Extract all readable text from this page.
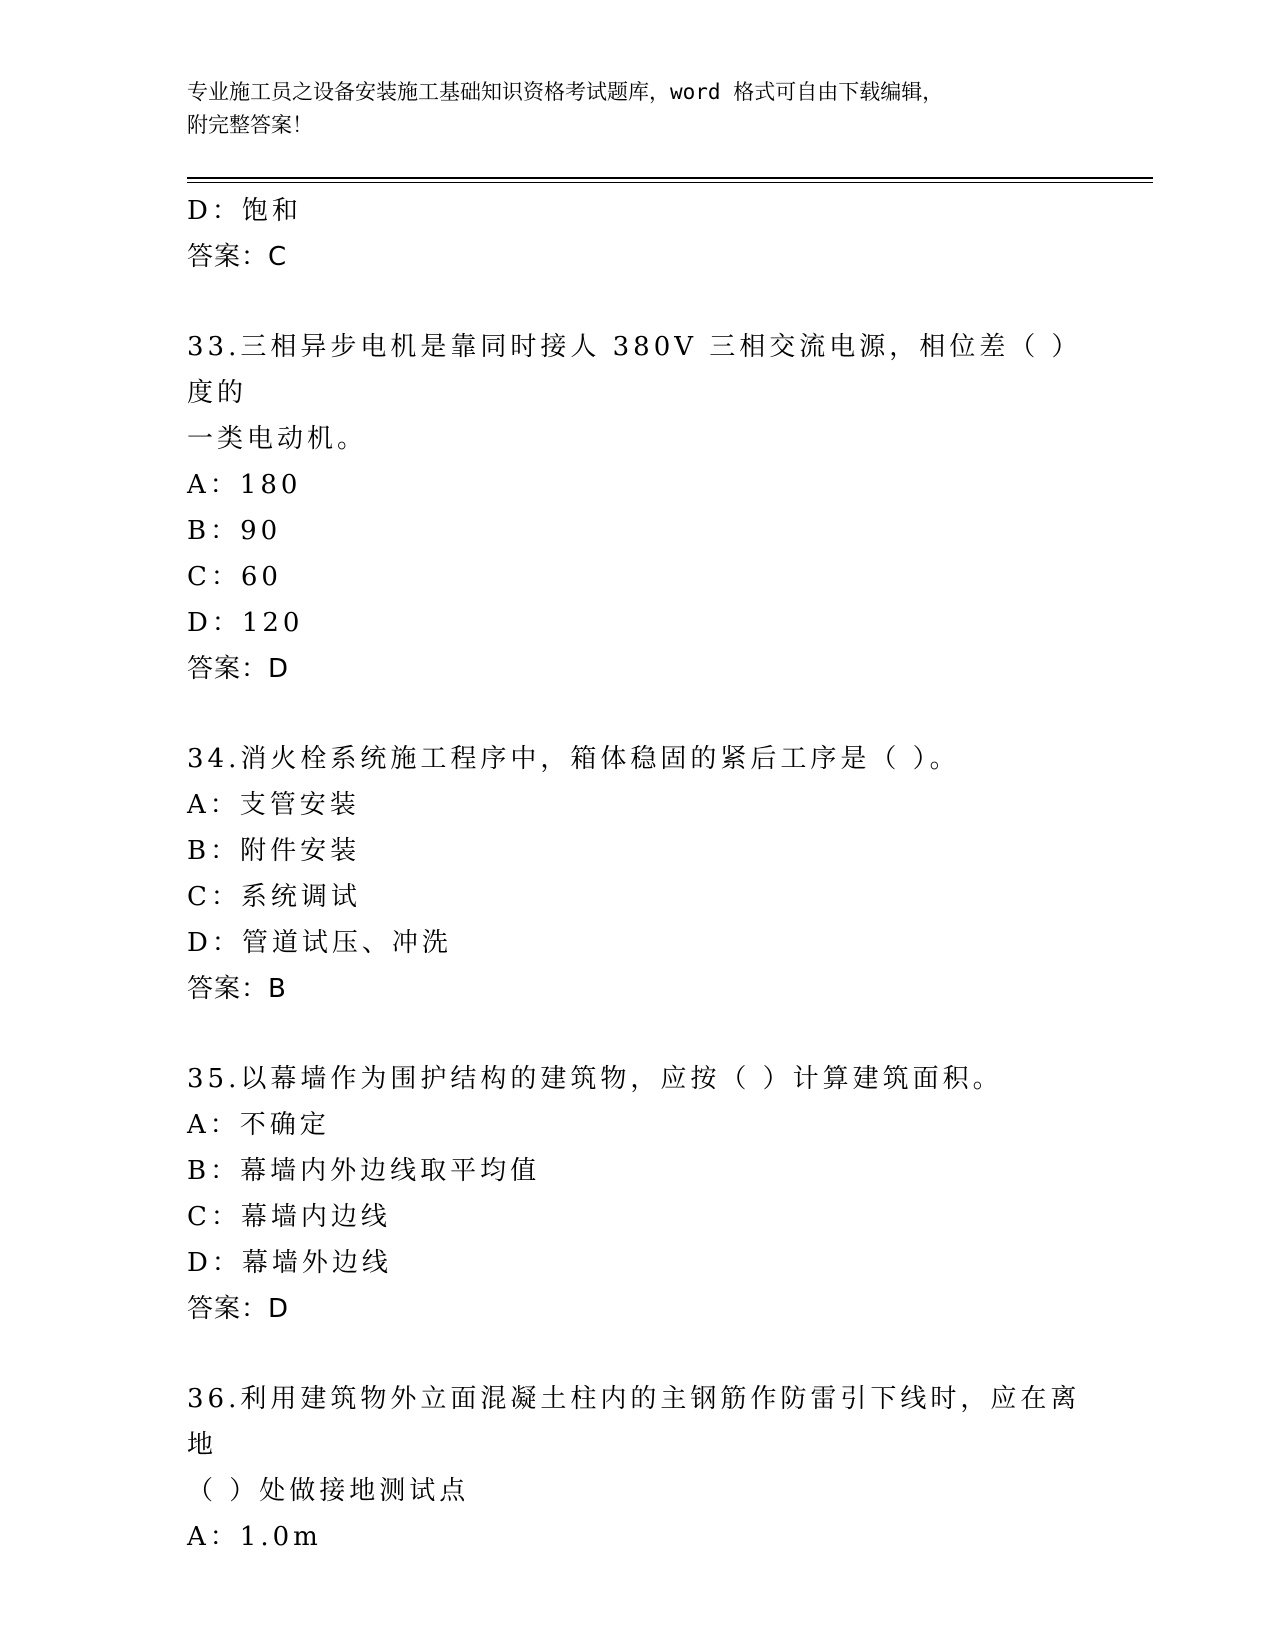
专业施工员之设备安装施工基础知识资格考试题库，word 格式可自由下载编辑，
附完整答案！
D：饱和
答案：C
33.三相异步电机是靠同时接人 380V 三相交流电源，相位差（ ）度的
一类电动机。
A：180
B：90
C：60
D：120
答案：D
34.消火栓系统施工程序中，箱体稳固的紧后工序是（ ）。
A：支管安装
B：附件安装
C：系统调试
D：管道试压、冲洗
答案：B
35.以幕墙作为围护结构的建筑物，应按（ ）计算建筑面积。
A：不确定
B：幕墙内外边线取平均值
C：幕墙内边线
D：幕墙外边线
答案：D
36.利用建筑物外立面混凝土柱内的主钢筋作防雷引下线时，应在离地
（ ）处做接地测试点
A：1.0m
